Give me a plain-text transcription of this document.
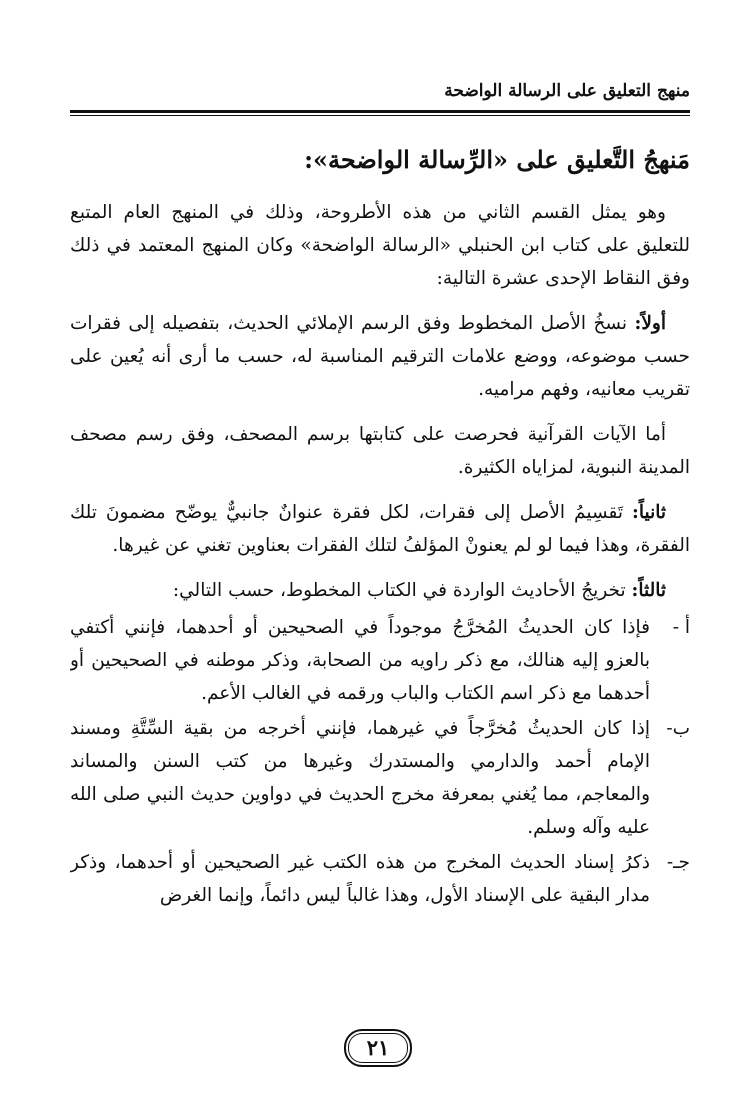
منهج التعليق على الرسالة الواضحة

مَنهجُ التَّعليق على «الرِّسالة الواضحة»:

وهو يمثل القسم الثاني من هذه الأطروحة، وذلك في المنهج العام المتبع للتعليق على كتاب ابن الحنبلي «الرسالة الواضحة» وكان المنهج المعتمد في ذلك وفق النقاط الإحدى عشرة التالية:

أولاً: نسخُ الأصل المخطوط وفق الرسم الإملائي الحديث، بتفصيله إلى فقرات حسب موضوعه، ووضع علامات الترقيم المناسبة له، حسب ما أرى أنه يُعين على تقريب معانيه، وفهم مراميه.

أما الآيات القرآنية فحرصت على كتابتها برسم المصحف، وفق رسم مصحف المدينة النبوية، لمزاياه الكثيرة.

ثانياً: تَقسِيمُ الأصل إلى فقرات، لكل فقرة عنوانٌ جانبيٌّ يوضّح مضمونَ تلك الفقرة، وهذا فيما لو لم يعنونْ المؤلفُ لتلك الفقرات بعناوين تغني عن غيرها.

ثالثاً: تخريجُ الأحاديث الواردة في الكتاب المخطوط، حسب التالي:

أ -
فإذا كان الحديثُ المُخرَّجُ موجوداً في الصحيحين أو أحدهما، فإنني أكتفي بالعزو إليه هنالك، مع ذكر راويه من الصحابة، وذكر موطنه في الصحيحين أو أحدهما مع ذكر اسم الكتاب والباب ورقمه في الغالب الأعم.
ب-
إذا كان الحديثُ مُخرَّجاً في غيرهما، فإنني أخرجه من بقية السِّتَّةِ ومسند الإمام أحمد والدارمي والمستدرك وغيرها من كتب السنن والمساند والمعاجم، مما يُغني بمعرفة مخرج الحديث في دواوين حديث النبي صلى الله عليه وآله وسلم.
جـ-
ذكرُ إسناد الحديث المخرج من هذه الكتب غير الصحيحين أو أحدهما، وذكر مدار البقية على الإسناد الأول، وهذا غالباً ليس دائماً، وإنما الغرض
٢١
